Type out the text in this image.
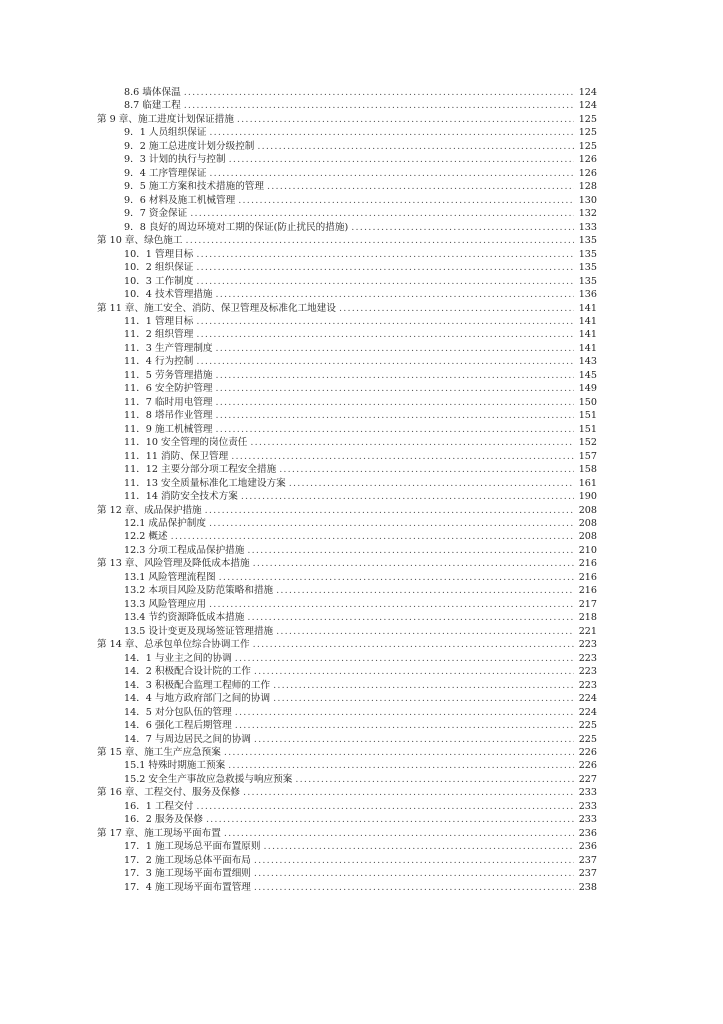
8.6 墙体保温 .....	124
8.7 临建工程 .....	124
第 9 章、施工进度计划保证措施 .....	125
9．1 人员组织保证 .....	125
9．2 施工总进度计划分级控制 .....	125
9．3 计划的执行与控制 .....	126
9．4 工序管理保证 .....	126
9．5 施工方案和技术措施的管理 .....	128
9．6 材料及施工机械管理 .....	130
9．7 资金保证 .....	132
9．8 良好的周边环境对工期的保证(防止扰民的措施) .....	133
第 10 章、绿色施工 .....	135
10．1 管理目标 .....	135
10．2 组织保证 .....	135
10．3 工作制度 .....	135
10．4 技术管理措施 .....	136
第 11 章、施工安全、消防、保卫管理及标准化工地建设 .....	141
11．1 管理目标 .....	141
11．2 组织管理 .....	141
11．3 生产管理制度 .....	141
11．4 行为控制 .....	143
11．5 劳务管理措施 .....	145
11．6 安全防护管理 .....	149
11．7 临时用电管理 .....	150
11．8 塔吊作业管理 .....	151
11．9 施工机械管理 .....	151
11．10 安全管理的岗位责任 .....	152
11．11 消防、保卫管理 .....	157
11．12 主要分部分项工程安全措施 .....	158
11．13 安全质量标准化工地建设方案 .....	161
11．14 消防安全技术方案 .....	190
第 12 章、成品保护措施 .....	208
12.1 成品保护制度 .....	208
12.2 概述 .....	208
12.3 分项工程成品保护措施 .....	210
第 13 章、风险管理及降低成本措施 .....	216
13.1 风险管理流程图 .....	216
13.2 本项目风险及防范策略和措施 .....	216
13.3 风险管理应用 .....	217
13.4 节约资源降低成本措施 .....	218
13.5 设计变更及现场签证管理措施 .....	221
第 14 章、总承包单位综合协调工作 .....	223
14．1 与业主之间的协调 .....	223
14．2 积极配合设计院的工作 .....	223
14．3 积极配合监理工程师的工作 .....	223
14．4 与地方政府部门之间的协调 .....	224
14．5 对分包队伍的管理 .....	224
14．6 强化工程后期管理 .....	225
14．7 与周边居民之间的协调 .....	225
第 15 章、施工生产应急预案 .....	226
15.1 特殊时期施工预案 .....	226
15.2 安全生产事故应急救援与响应预案 .....	227
第 16 章、工程交付、服务及保修 .....	233
16．1 工程交付 .....	233
16．2 服务及保修 .....	233
第 17 章、施工现场平面布置 .....	236
17．1 施工现场总平面布置原则 .....	236
17．2 施工现场总体平面布局 .....	237
17．3 施工现场平面布置细则 .....	237
17．4 施工现场平面布置管理 .....	238
